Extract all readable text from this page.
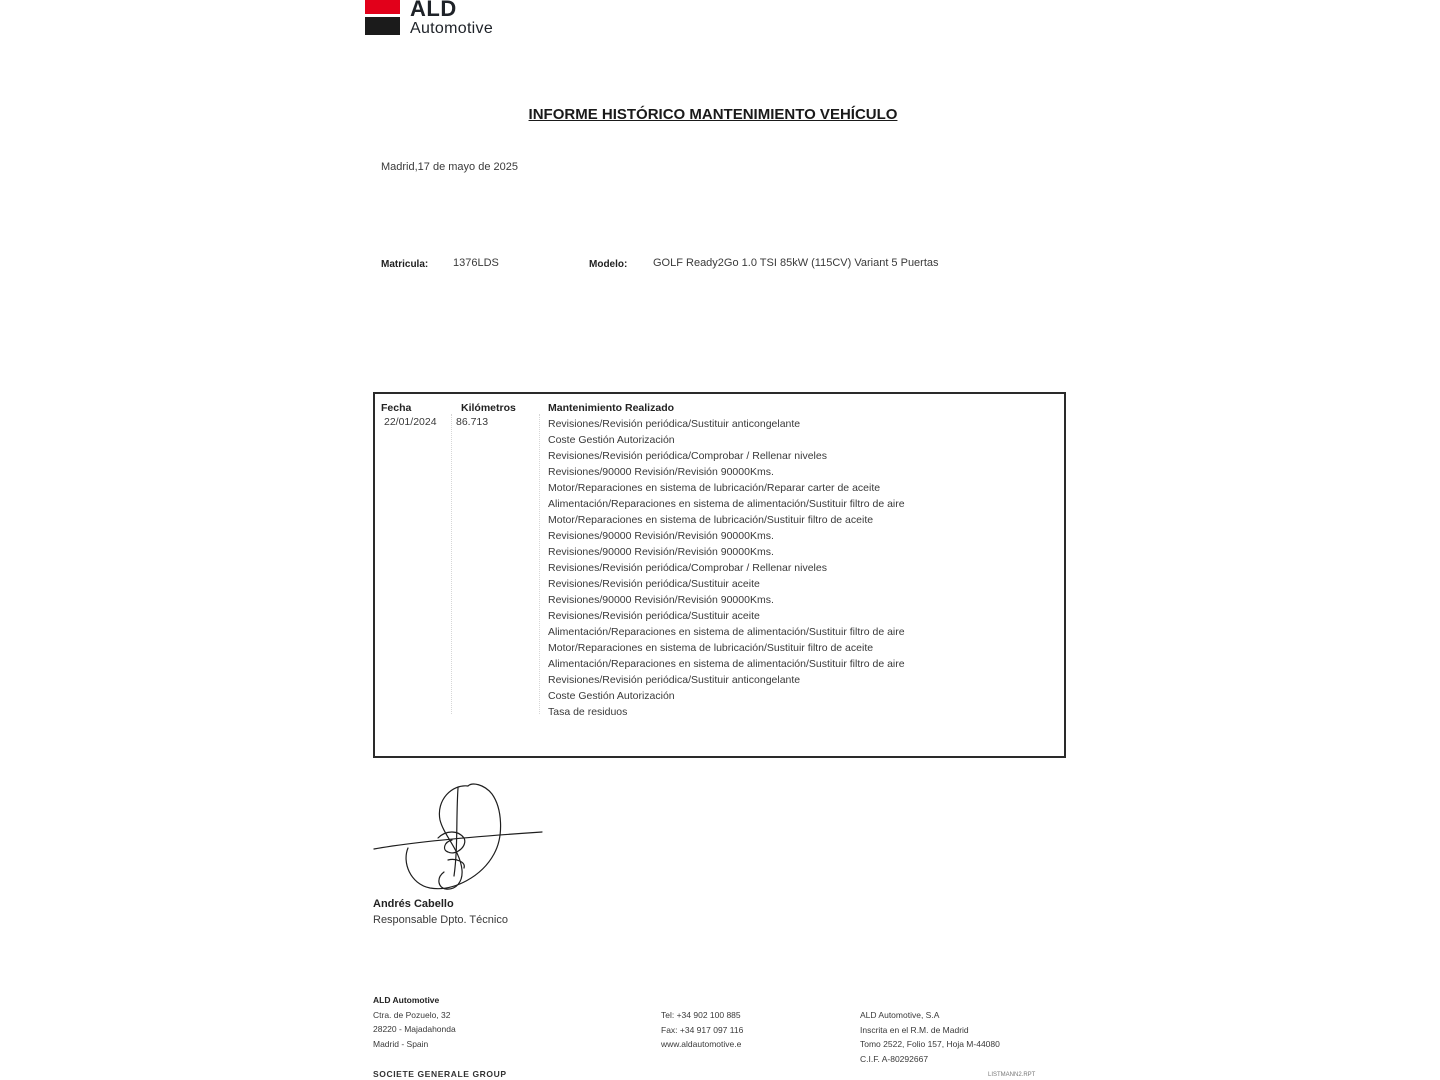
ALD
Automotive
INFORME HISTÓRICO MANTENIMIENTO VEHÍCULO
Madrid,17 de mayo de 2025
Matricula: 1376LDS	Modelo: GOLF Ready2Go 1.0 TSI 85kW (115CV) Variant 5 Puertas
Fecha	Kilómetros	Mantenimiento Realizado
22/01/2024 86.713	Revisiones/Revisión periódica/Sustituir anticongelante
Coste Gestión Autorización
Revisiones/Revisión periódica/Comprobar / Rellenar niveles
Revisiones/90000 Revisión/Revisión 90000Kms.
Motor/Reparaciones en sistema de lubricación/Reparar carter de aceite
Alimentación/Reparaciones en sistema de alimentación/Sustituir filtro de aire
Motor/Reparaciones en sistema de lubricación/Sustituir filtro de aceite
Revisiones/90000 Revisión/Revisión 90000Kms.
Revisiones/90000 Revisión/Revisión 90000Kms.
Revisiones/Revisión periódica/Comprobar / Rellenar niveles
Revisiones/Revisión periódica/Sustituir aceite
Revisiones/90000 Revisión/Revisión 90000Kms.
Revisiones/Revisión periódica/Sustituir aceite
Alimentación/Reparaciones en sistema de alimentación/Sustituir filtro de aire
Motor/Reparaciones en sistema de lubricación/Sustituir filtro de aceite
Alimentación/Reparaciones en sistema de alimentación/Sustituir filtro de aire
Revisiones/Revisión periódica/Sustituir anticongelante
Coste Gestión Autorización
Tasa de residuos
Andrés Cabello
Responsable Dpto. Técnico
ALD Automotive
Ctra. de Pozuelo, 32
28220 - Majadahonda
Madrid - Spain
Tel: +34 902 100 885
Fax: +34 917 097 116
www.aldautomotive.e
ALD Automotive, S.A
Inscrita en el R.M. de Madrid
Tomo 2522, Folio 157, Hoja M-44080
C.I.F. A-80292667
SOCIETE GENERALE GROUP	LISTMANN2.RPT
